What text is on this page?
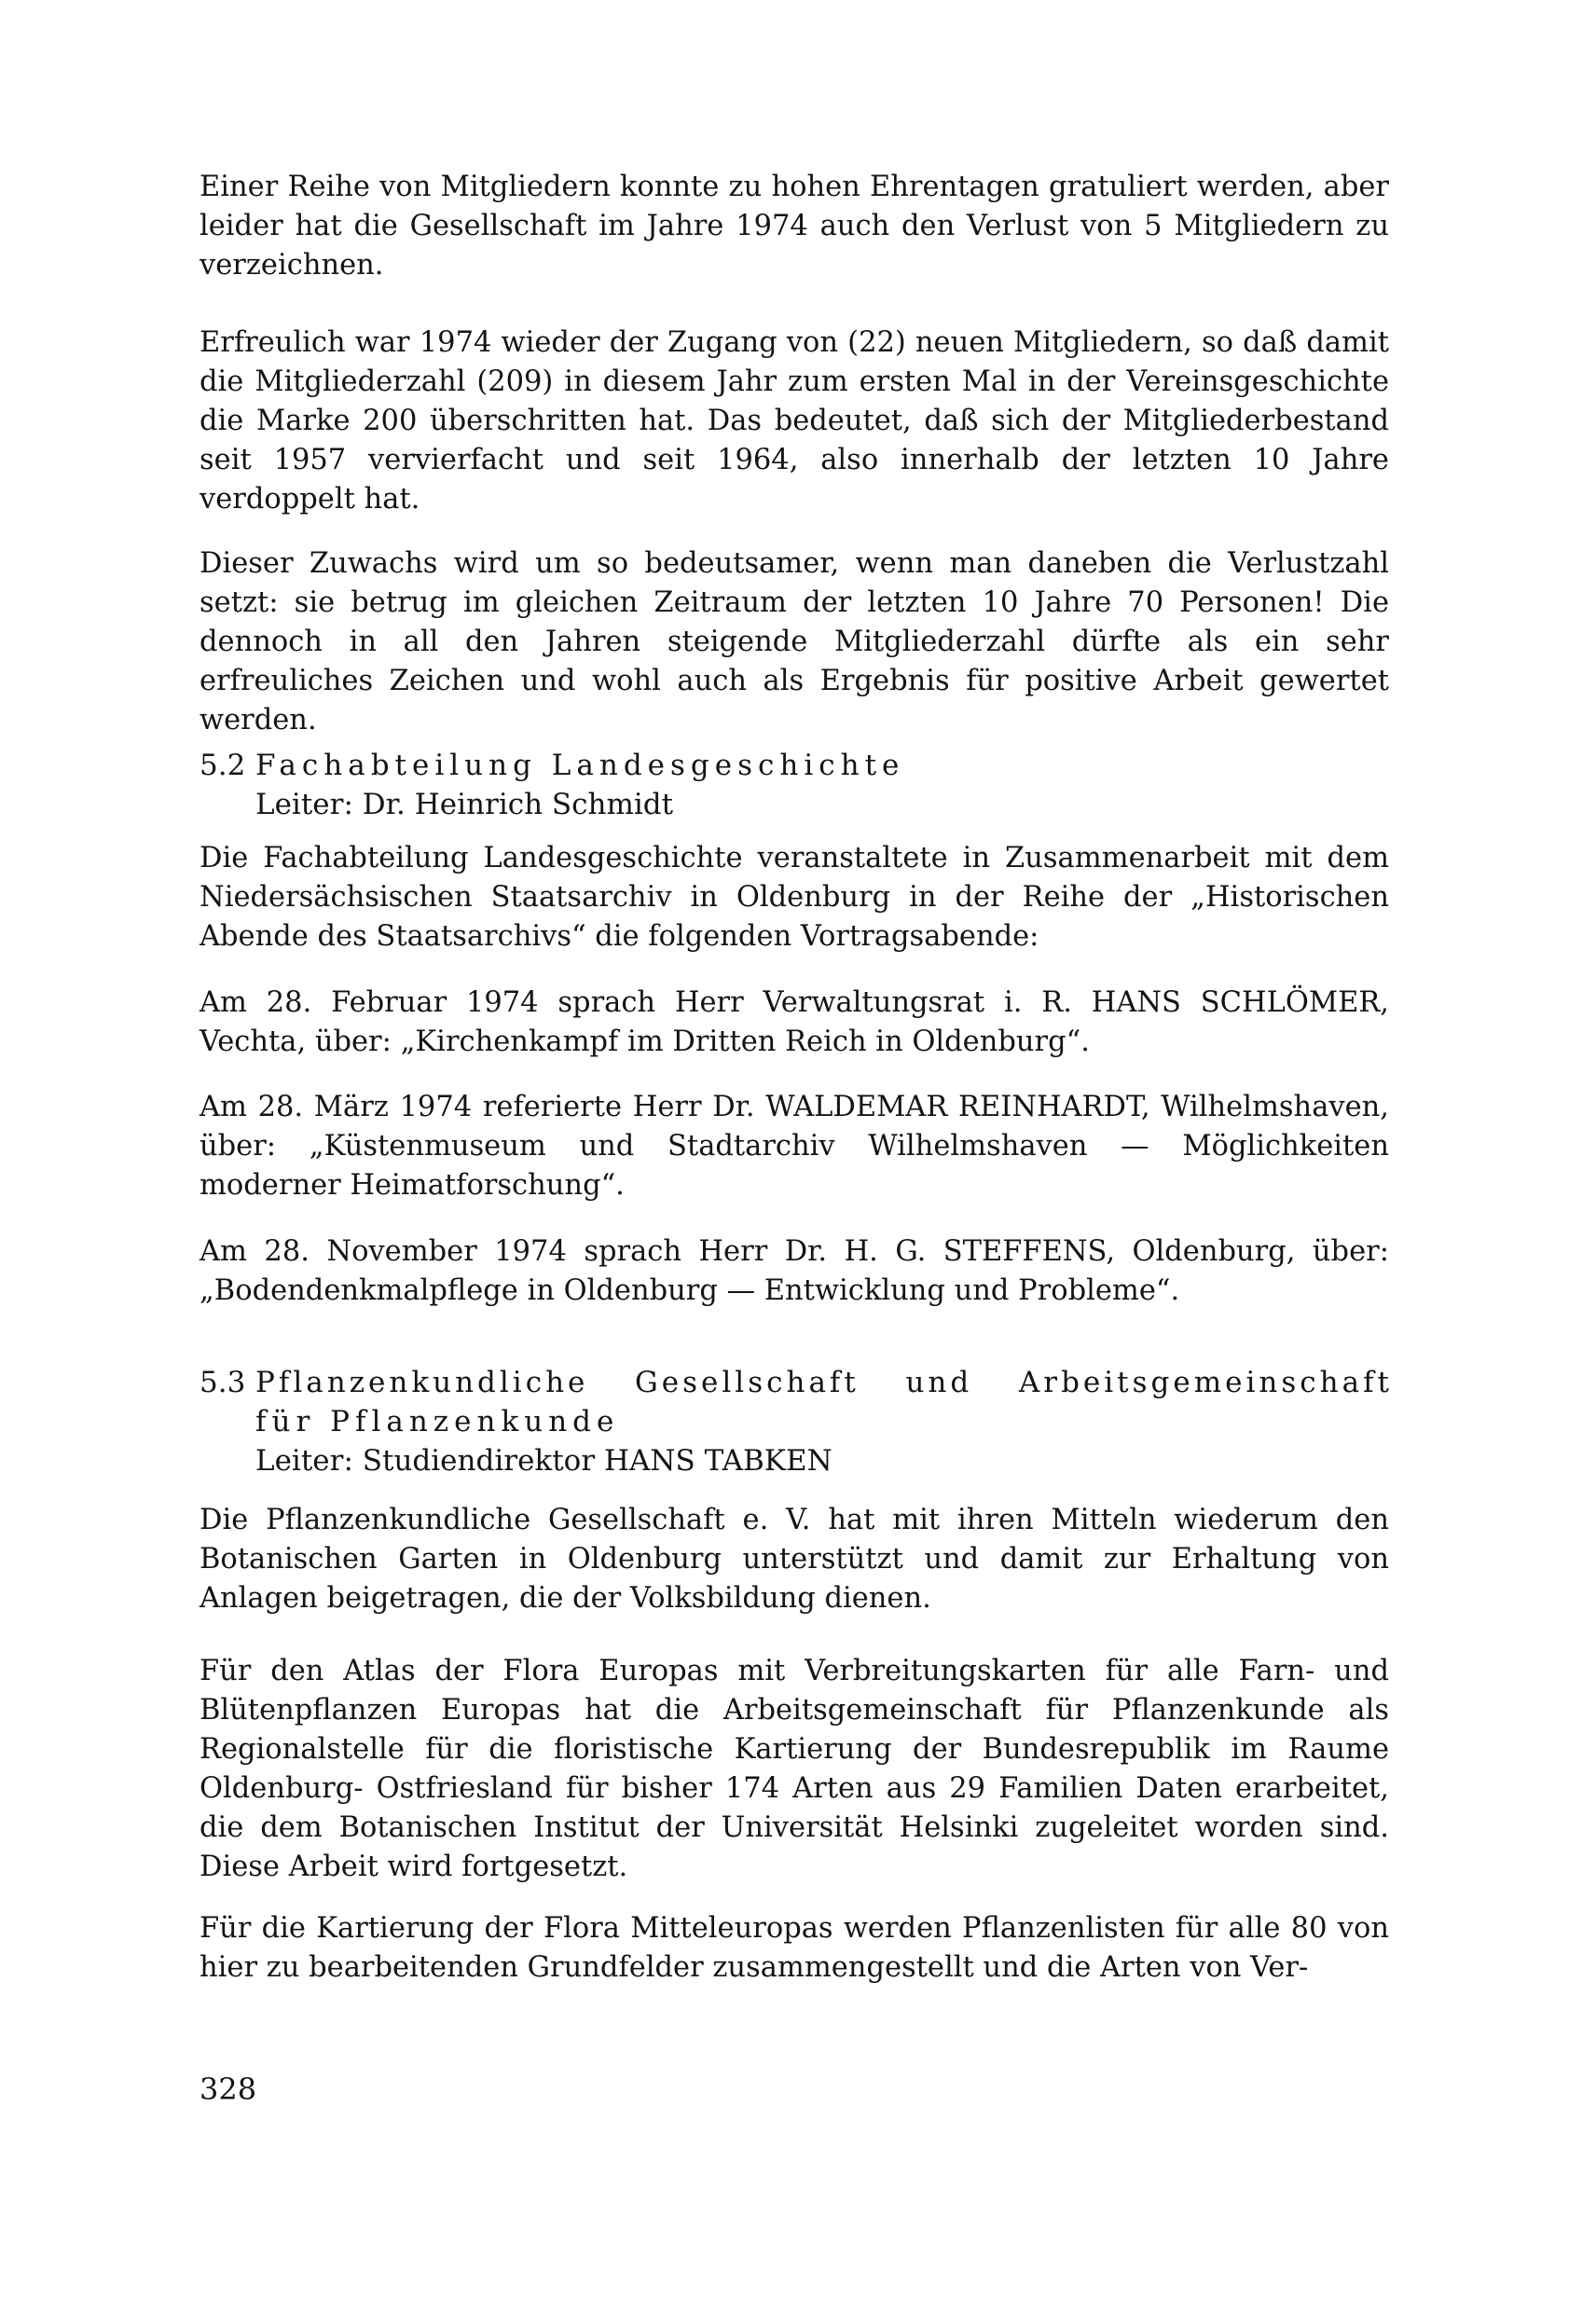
Einer Reihe von Mitgliedern konnte zu hohen Ehrentagen gratuliert werden, aber leider hat die Gesellschaft im Jahre 1974 auch den Verlust von 5 Mitgliedern zu verzeichnen.

Erfreulich war 1974 wieder der Zugang von (22) neuen Mitgliedern, so daß damit die Mitgliederzahl (209) in diesem Jahr zum ersten Mal in der Vereinsgeschichte die Marke 200 überschritten hat. Das bedeutet, daß sich der Mitgliederbestand seit 1957 vervierfacht und seit 1964, also innerhalb der letzten 10 Jahre verdoppelt hat.

Dieser Zuwachs wird um so bedeutsamer, wenn man daneben die Verlustzahl setzt: sie betrug im gleichen Zeitraum der letzten 10 Jahre 70 Personen! Die dennoch in all den Jahren steigende Mitgliederzahl dürfte als ein sehr erfreuliches Zeichen und wohl auch als Ergebnis für positive Arbeit gewertet werden.

5.2 Fachabteilung Landesgeschichte
Leiter: Dr. Heinrich Schmidt

Die Fachabteilung Landesgeschichte veranstaltete in Zusammenarbeit mit dem Niedersächsischen Staatsarchiv in Oldenburg in der Reihe der „Historischen Abende des Staatsarchivs“ die folgenden Vortragsabende:

Am 28. Februar 1974 sprach Herr Verwaltungsrat i. R. HANS SCHLÖMER, Vechta, über: „Kirchenkampf im Dritten Reich in Oldenburg“.

Am 28. März 1974 referierte Herr Dr. WALDEMAR REINHARDT, Wilhelmshaven, über: „Küstenmuseum und Stadtarchiv Wilhelmshaven — Möglichkeiten moderner Heimatforschung“.

Am 28. November 1974 sprach Herr Dr. H. G. STEFFENS, Oldenburg, über: „Bodendenkmalpflege in Oldenburg — Entwicklung und Probleme“.

5.3 Pflanzenkundliche Gesellschaft und Arbeitsgemeinschaft
für Pflanzenkunde
Leiter: Studiendirektor HANS TABKEN

Die Pflanzenkundliche Gesellschaft e. V. hat mit ihren Mitteln wiederum den Botanischen Garten in Oldenburg unterstützt und damit zur Erhaltung von Anlagen beigetragen, die der Volksbildung dienen.

Für den Atlas der Flora Europas mit Verbreitungskarten für alle Farn- und Blütenpflanzen Europas hat die Arbeitsgemeinschaft für Pflanzenkunde als Regionalstelle für die floristische Kartierung der Bundesrepublik im Raume Oldenburg- Ostfriesland für bisher 174 Arten aus 29 Familien Daten erarbeitet, die dem Botanischen Institut der Universität Helsinki zugeleitet worden sind. Diese Arbeit wird fortgesetzt.

Für die Kartierung der Flora Mitteleuropas werden Pflanzenlisten für alle 80 von hier zu bearbeitenden Grundfelder zusammengestellt und die Arten von Ver-

328
